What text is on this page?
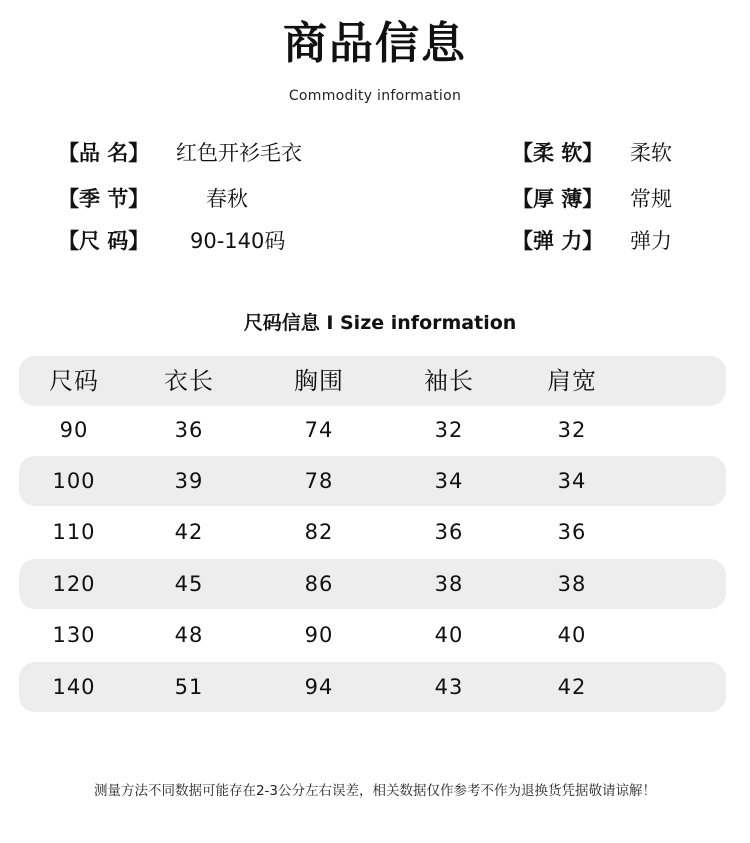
商品信息
Commodity information
【品 名】	红色开衫毛衣
【季 节】	春秋
【尺 码】	90-140码
【柔 软】	柔软
【厚 薄】	常规
【弹 力】	弹力
尺码信息 I Size information
尺码	衣长	胸围	袖长	肩宽
90	36	74	32	32
100	39	78	34	34
110	42	82	36	36
120	45	86	38	38
130	48	90	40	40
140	51	94	43	42
测量方法不同数据可能存在2-3公分左右误差，相关数据仅作参考不作为退换货凭据敬请谅解！
